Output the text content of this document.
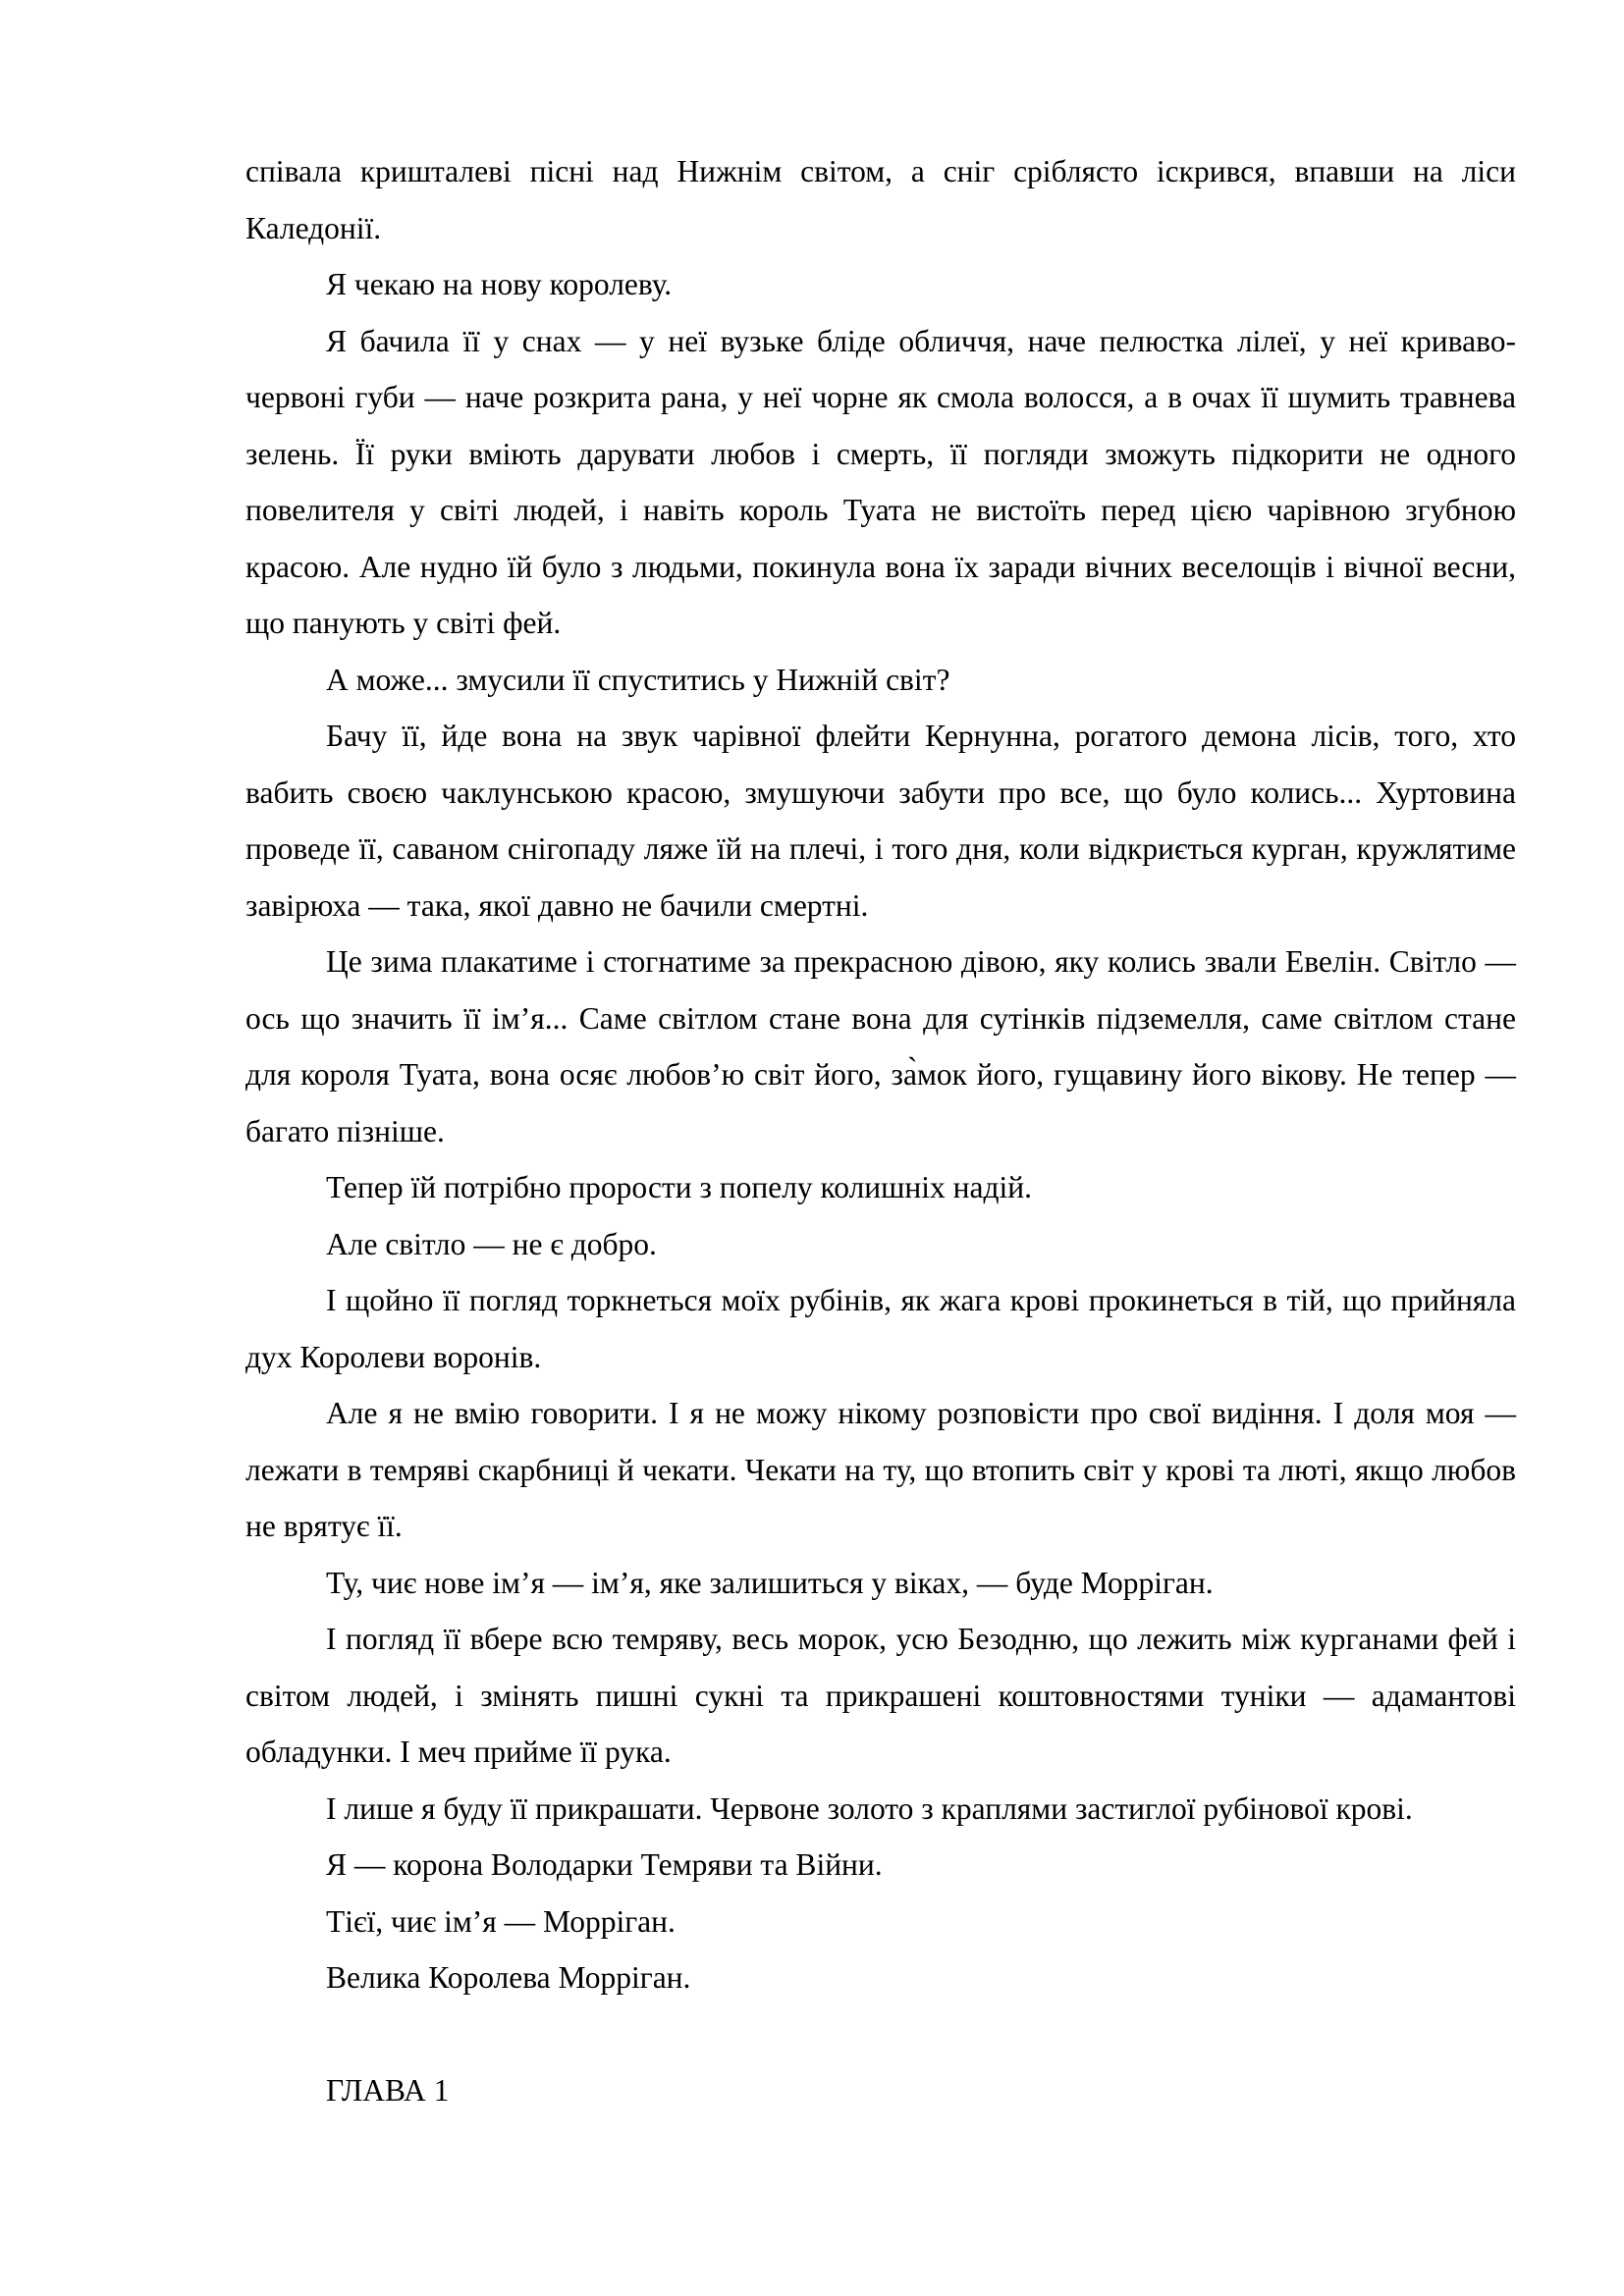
співала кришталеві пісні над Нижнім світом, а сніг сріблясто іскрився, впавши на ліси Каледонії.

Я чекаю на нову королеву.

Я бачила її у снах — у неї вузьке бліде обличчя, наче пелюстка лілеї, у неї криваво-червоні губи — наче розкрита рана, у неї чорне як смола волосся, а в очах її шумить травнева зелень. Її руки вміють дарувати любов і смерть, її погляди зможуть підкорити не одного повелителя у світі людей, і навіть король Туата не вистоїть перед цією чарівною згубною красою. Але нудно їй було з людьми, покинула вона їх заради вічних веселощів і вічної весни, що панують у світі фей.

А може... змусили її спуститись у Нижній світ?

Бачу її, йде вона на звук чарівної флейти Кернунна, рогатого демона лісів, того, хто вабить своєю чаклунською красою, змушуючи забути про все, що було колись... Хуртовина проведе її, саваном снігопаду ляже їй на плечі, і того дня, коли відкриється курган, кружлятиме завірюха — така, якої давно не бачили смертні.

Це зима плакатиме і стогнатиме за прекрасною дівою, яку колись звали Евелін. Світло — ось що значить її ім’я... Саме світлом стане вона для сутінків підземелля, саме світлом стане для короля Туата, вона осяє любов’ю світ його, за̀мок його, гущавину його вікову. Не тепер — багато пізніше.

Тепер їй потрібно прорости з попелу колишніх надій.

Але світло — не є добро.

І щойно її погляд торкнеться моїх рубінів, як жага крові прокинеться в тій, що прийняла дух Королеви воронів.

Але я не вмію говорити. І я не можу нікому розповісти про свої видіння. І доля моя — лежати в темряві скарбниці й чекати. Чекати на ту, що втопить світ у крові та люті, якщо любов не врятує її.

Ту, чиє нове ім’я — ім’я, яке залишиться у віках, — буде Морріган.

І погляд її вбере всю темряву, весь морок, усю Безодню, що лежить між курганами фей і світом людей, і змінять пишні сукні та прикрашені коштовностями туніки — адамантові обладунки. І меч прийме її рука.

І лише я буду її прикрашати. Червоне золото з краплями застиглої рубінової крові.

Я — корона Володарки Темряви та Війни.

Тієї, чиє ім’я — Морріган.

Велика Королева Морріган.

ГЛАВА 1
